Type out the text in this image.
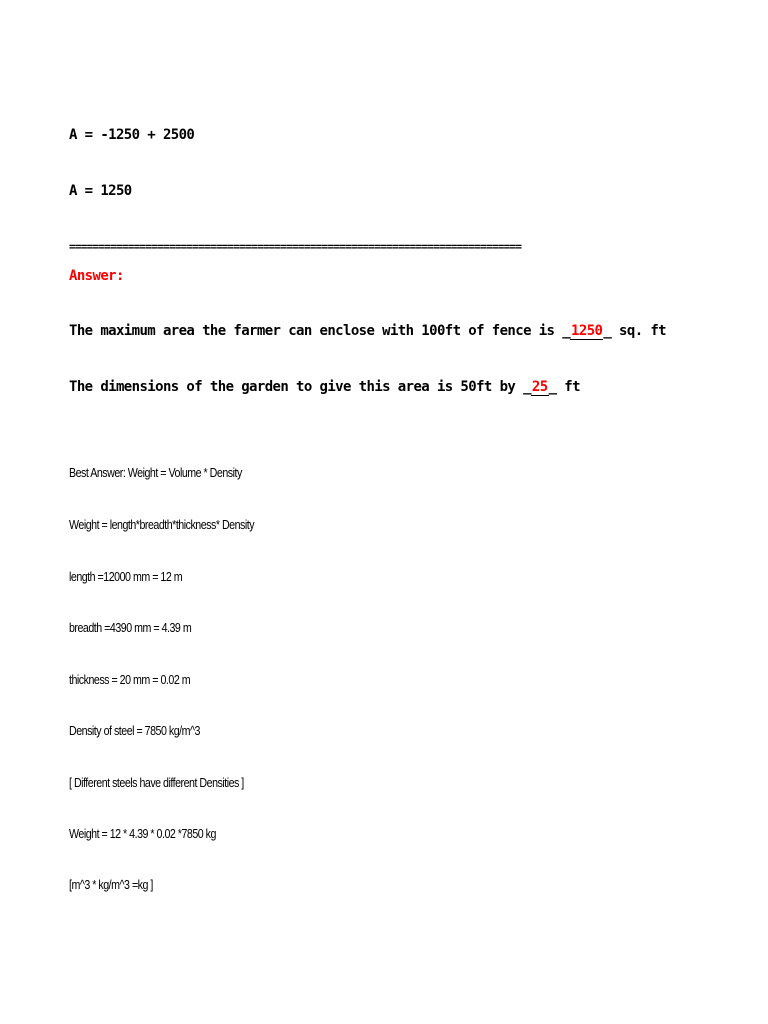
A = -1250 + 2500
A = 1250
=============================================================================
Answer:
The maximum area the farmer can enclose with 100ft of fence is _1250_ sq. ft
The dimensions of the garden to give this area is 50ft by _25_ ft
Best Answer: Weight = Volume * Density
Weight = length*breadth*thickness* Density
length =12000 mm = 12 m
breadth =4390 mm = 4.39 m
thickness = 20 mm = 0.02 m
Density of steel = 7850 kg/m^3
[ Different steels have different Densities ]
Weight = 12 * 4.39 * 0.02 *7850 kg
[m^3 * kg/m^3 =kg ]
